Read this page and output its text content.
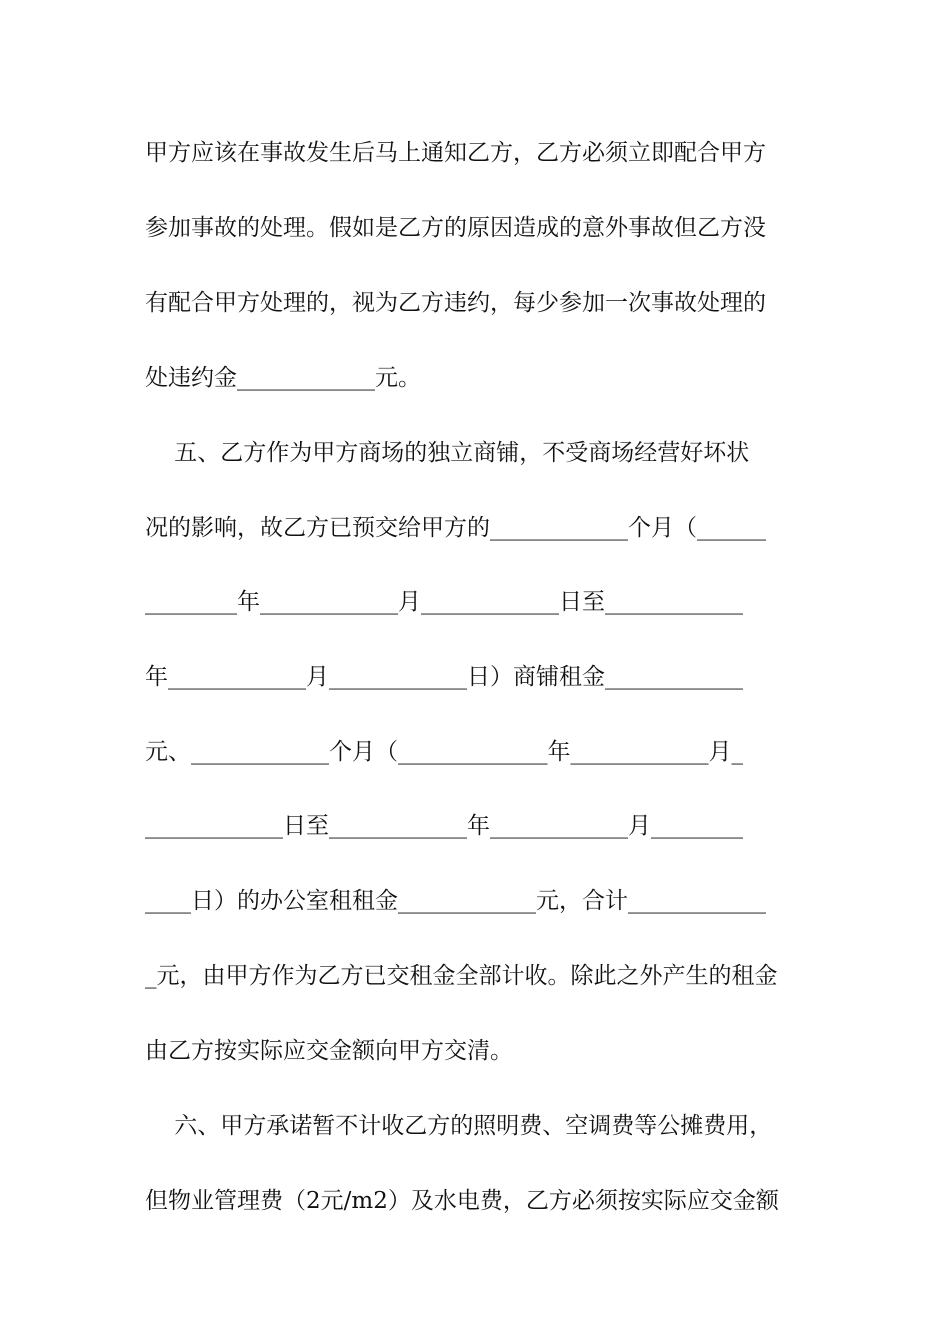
甲方应该在事故发生后马上通知乙方，乙方必须立即配合甲方
参加事故的处理。假如是乙方的原因造成的意外事故但乙方没
有配合甲方处理的，视为乙方违约，每少参加一次事故处理的
处违约金____________元。
五、乙方作为甲方商场的独立商铺，不受商场经营好坏状
况的影响，故乙方已预交给甲方的____________个月（______
________年____________月____________日至____________
年____________月____________日）商铺租金____________
元、____________个月（_____________年____________月_
____________日至____________年____________月________
____日）的办公室租租金____________元，合计____________
_元，由甲方作为乙方已交租金全部计收。除此之外产生的租金
由乙方按实际应交金额向甲方交清。
六、甲方承诺暂不计收乙方的照明费、空调费等公摊费用，
但物业管理费（2元/m2）及水电费，乙方必须按实际应交金额
